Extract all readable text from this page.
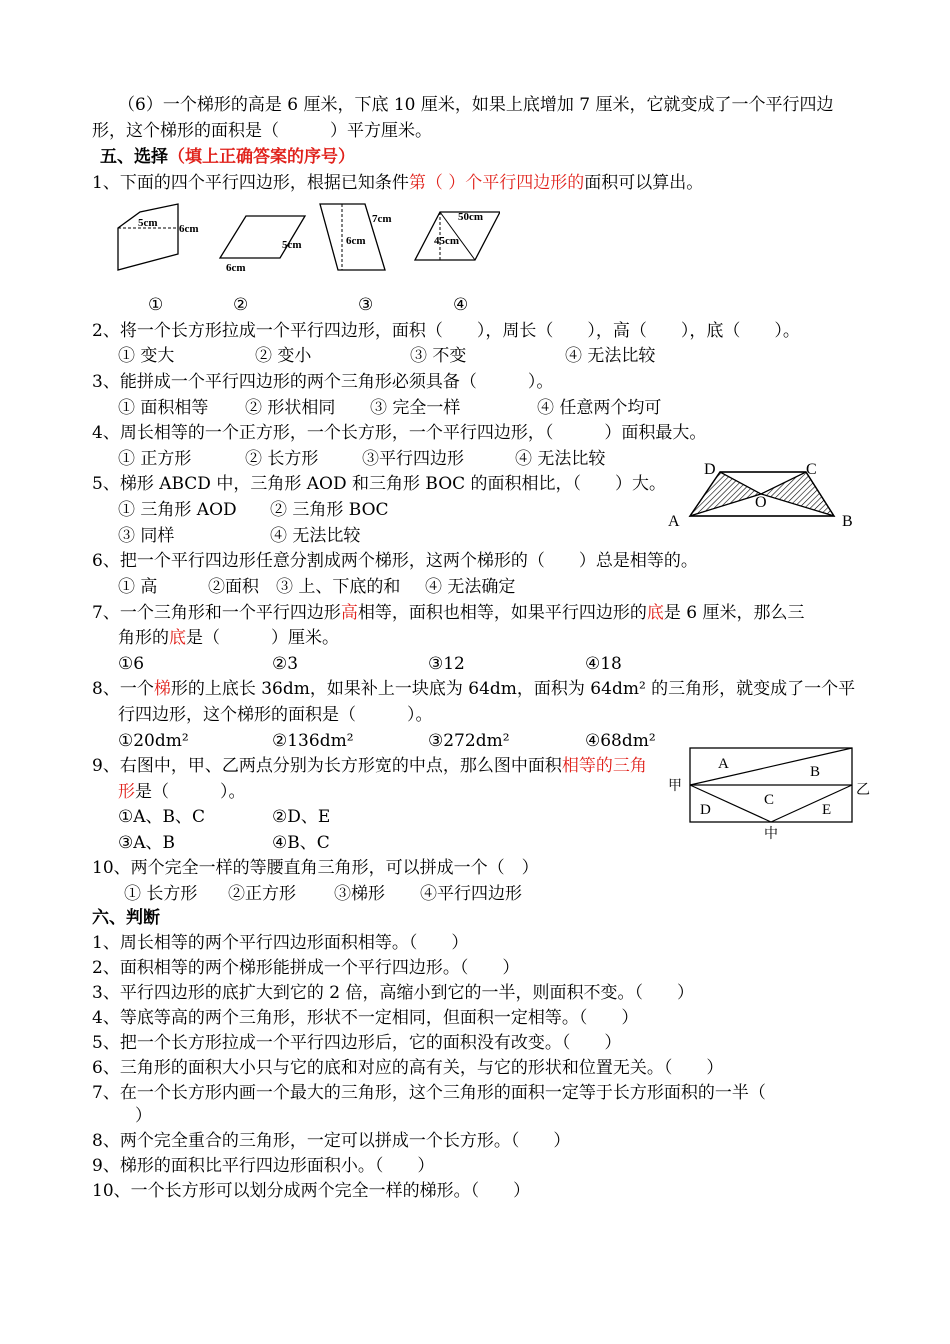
（6）一个梯形的高是 6 厘米，下底 10 厘米，如果上底增加 7 厘米，它就变成了一个平行四边
形，这个梯形的面积是（　　　）平方厘米。
五、选择（填上正确答案的序号）
1、下面的四个平行四边形，根据已知条件第（ ）个平行四边形的面积可以算出。
5cm 6cm
5cm
6cm
7cm
6cm
50cm
45cm
①	②	③	④
2、将一个长方形拉成一个平行四边形，面积（　　），周长（　　），高（　　），底（　　）。
① 变大	② 变小	③ 不变	④ 无法比较
3、能拼成一个平行四边形的两个三角形必须具备（　　　）。
① 面积相等 ② 形状相同 ③ 完全一样	④ 任意两个均可
4、周长相等的一个正方形，一个长方形，一个平行四边形，（　　　）面积最大。
① 正方形	② 长方形	③平行四边形	④ 无法比较
5、梯形 ABCD 中，三角形 AOD 和三角形 BOC 的面积相比，（　　）大。
① 三角形 AOD ② 三角形 BOC
③ 同样	④ 无法比较
D	C
O
A	B
6、把一个平行四边形任意分割成两个梯形，这两个梯形的（　　）总是相等的。
① 高	②面积 ③ 上、下底的和 ④ 无法确定
7、一个三角形和一个平行四边形高相等，面积也相等，如果平行四边形的底是 6 厘米，那么三
角形的底是（　　　）厘米。
①6	②3	③12	④18
8、一个梯形的上底长 36dm，如果补上一块底为 64dm，面积为 64dm² 的三角形，就变成了一个平
行四边形，这个梯形的面积是（　　　）。
①20dm²	②136dm²	③272dm²	④68dm²
9、右图中，甲、乙两点分别为长方形宽的中点，那么图中面积相等的三角
形是（　　　）。
①A、B、C	②D、E
③A、B	④B、C
A	B
C
D	E
甲	乙
中
10、两个完全一样的等腰直角三角形，可以拼成一个（　）
① 长方形 ②正方形 ③梯形 ④平行四边形
六、判断
1、周长相等的两个平行四边形面积相等。（　　）
2、面积相等的两个梯形能拼成一个平行四边形。（　　）
3、平行四边形的底扩大到它的 2 倍，高缩小到它的一半，则面积不变。（　　）
4、等底等高的两个三角形，形状不一定相同，但面积一定相等。（　　）
5、把一个长方形拉成一个平行四边形后，它的面积没有改变。（　　）
6、三角形的面积大小只与它的底和对应的高有关，与它的形状和位置无关。（　　）
7、在一个长方形内画一个最大的三角形，这个三角形的面积一定等于长方形面积的一半（
　）
8、两个完全重合的三角形，一定可以拼成一个长方形。（　　）
9、梯形的面积比平行四边形面积小。（　　）
10、一个长方形可以划分成两个完全一样的梯形。（　　）
